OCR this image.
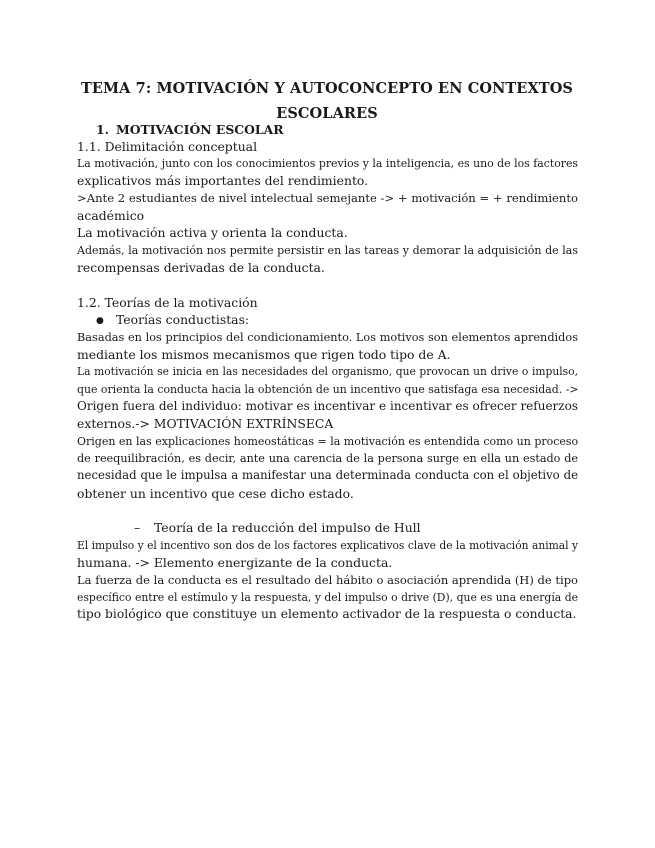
TEMA 7: MOTIVACIÓN Y AUTOCONCEPTO EN CONTEXTOS
ESCOLARES
1. MOTIVACIÓN ESCOLAR
1.1. Delimitación conceptual
La motivación, junto con los conocimientos previos y la inteligencia, es uno de los factores
explicativos más importantes del rendimiento.
>Ante 2 estudiantes de nivel intelectual semejante -> + motivación = + rendimiento
académico
La motivación activa y orienta la conducta.
Además, la motivación nos permite persistir en las tareas y demorar la adquisición de las
recompensas derivadas de la conducta.
1.2. Teorías de la motivación
● Teorías conductistas:
Basadas en los principios del condicionamiento. Los motivos son elementos aprendidos
mediante los mismos mecanismos que rigen todo tipo de A.
La motivación se inicia en las necesidades del organismo, que provocan un drive o impulso,
que orienta la conducta hacia la obtención de un incentivo que satisfaga esa necesidad. ->
Origen fuera del individuo: motivar es incentivar e incentivar es ofrecer refuerzos
externos.-> MOTIVACIÓN EXTRÍNSECA
Origen en las explicaciones homeostáticas = la motivación es entendida como un proceso
de reequilibración, es decir, ante una carencia de la persona surge en ella un estado de
necesidad que le impulsa a manifestar una determinada conducta con el objetivo de
obtener un incentivo que cese dicho estado.
– Teoría de la reducción del impulso de Hull
El impulso y el incentivo son dos de los factores explicativos clave de la motivación animal y
humana. -> Elemento energizante de la conducta.
La fuerza de la conducta es el resultado del hábito o asociación aprendida (H) de tipo
específico entre el estímulo y la respuesta, y del impulso o drive (D), que es una energía de
tipo biológico que constituye un elemento activador de la respuesta o conducta.
